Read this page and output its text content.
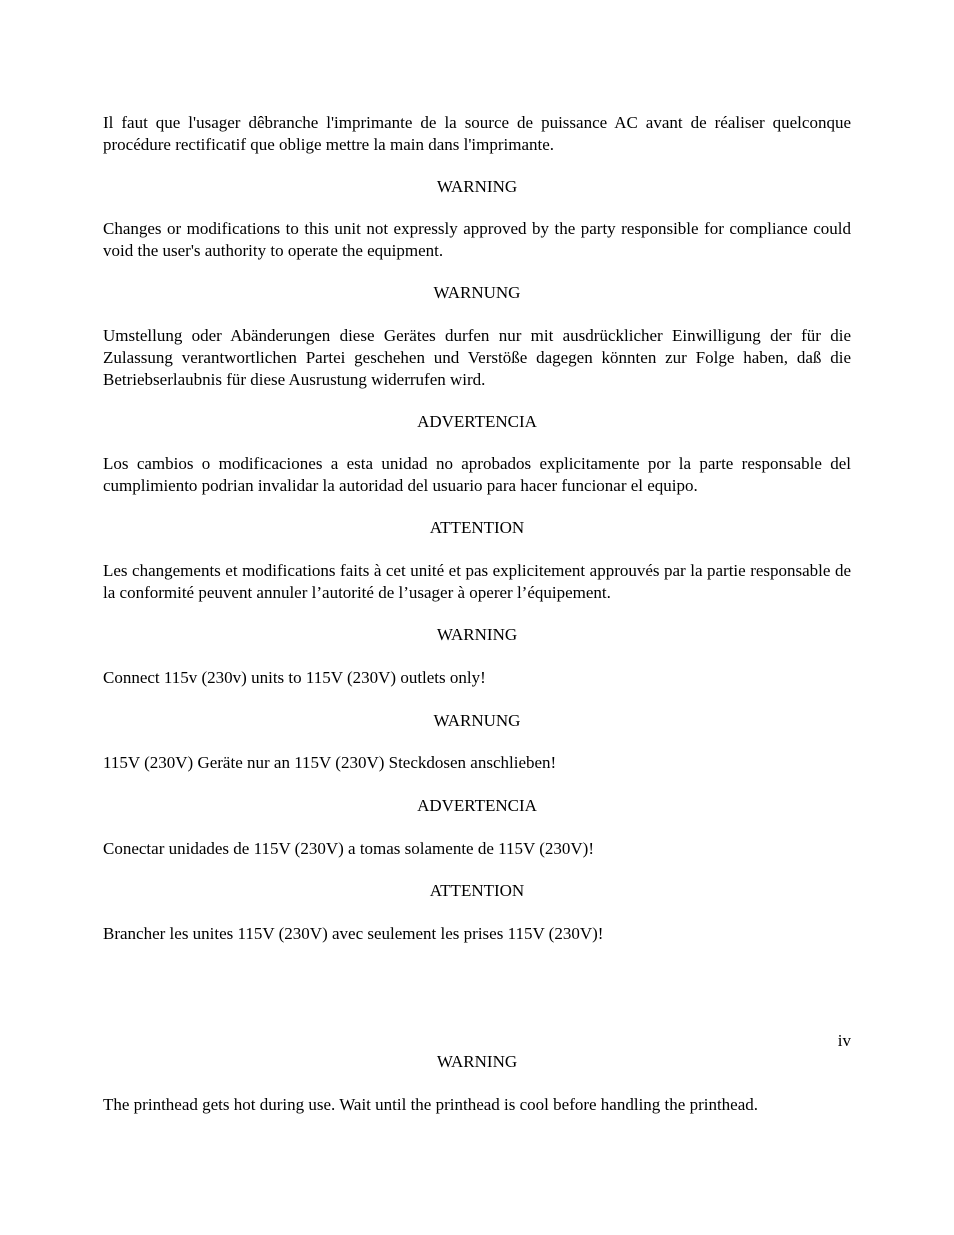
Il faut que l'usager dêbranche l'imprimante de la source de puissance AC avant de réaliser quelconque procédure rectificatif que oblige mettre la main dans l'imprimante.

WARNING

Changes or modifications to this unit not expressly approved by the party responsible for compliance could void the user's authority to operate the equipment.

WARNUNG

Umstellung oder Abänderungen diese Gerätes durfen nur mit ausdrücklicher Einwilligung der für die Zulassung verantwortlichen Partei geschehen und Verstößе dagegen könnten zur Folge haben, daß die Betriebserlaubnis für diese Ausrustung widerrufen wird.

ADVERTENCIA

Los cambios o modificaciones a esta unidad no aprobados explicitamente por la parte responsable del cumplimiento podrian invalidar la autoridad del usuario para hacer funcionar el equipo.

ATTENTION

Les changements et modifications faits à cet unité et pas explicitement approuvés par la partie responsable de la conformité peuvent annuler l’autorité de l’usager à operer l’équipement.

WARNING

Connect 115v (230v) units to 115V (230V) outlets only!

WARNUNG

115V (230V) Geräte nur an 115V (230V) Steckdosen anschlieben!

ADVERTENCIA

Conectar unidades de 115V (230V) a tomas solamente de 115V (230V)!

ATTENTION

Brancher les unites 115V (230V) avec seulement les prises 115V (230V)!

iv

WARNING

The printhead gets hot during use. Wait until the printhead is cool before handling the printhead.
